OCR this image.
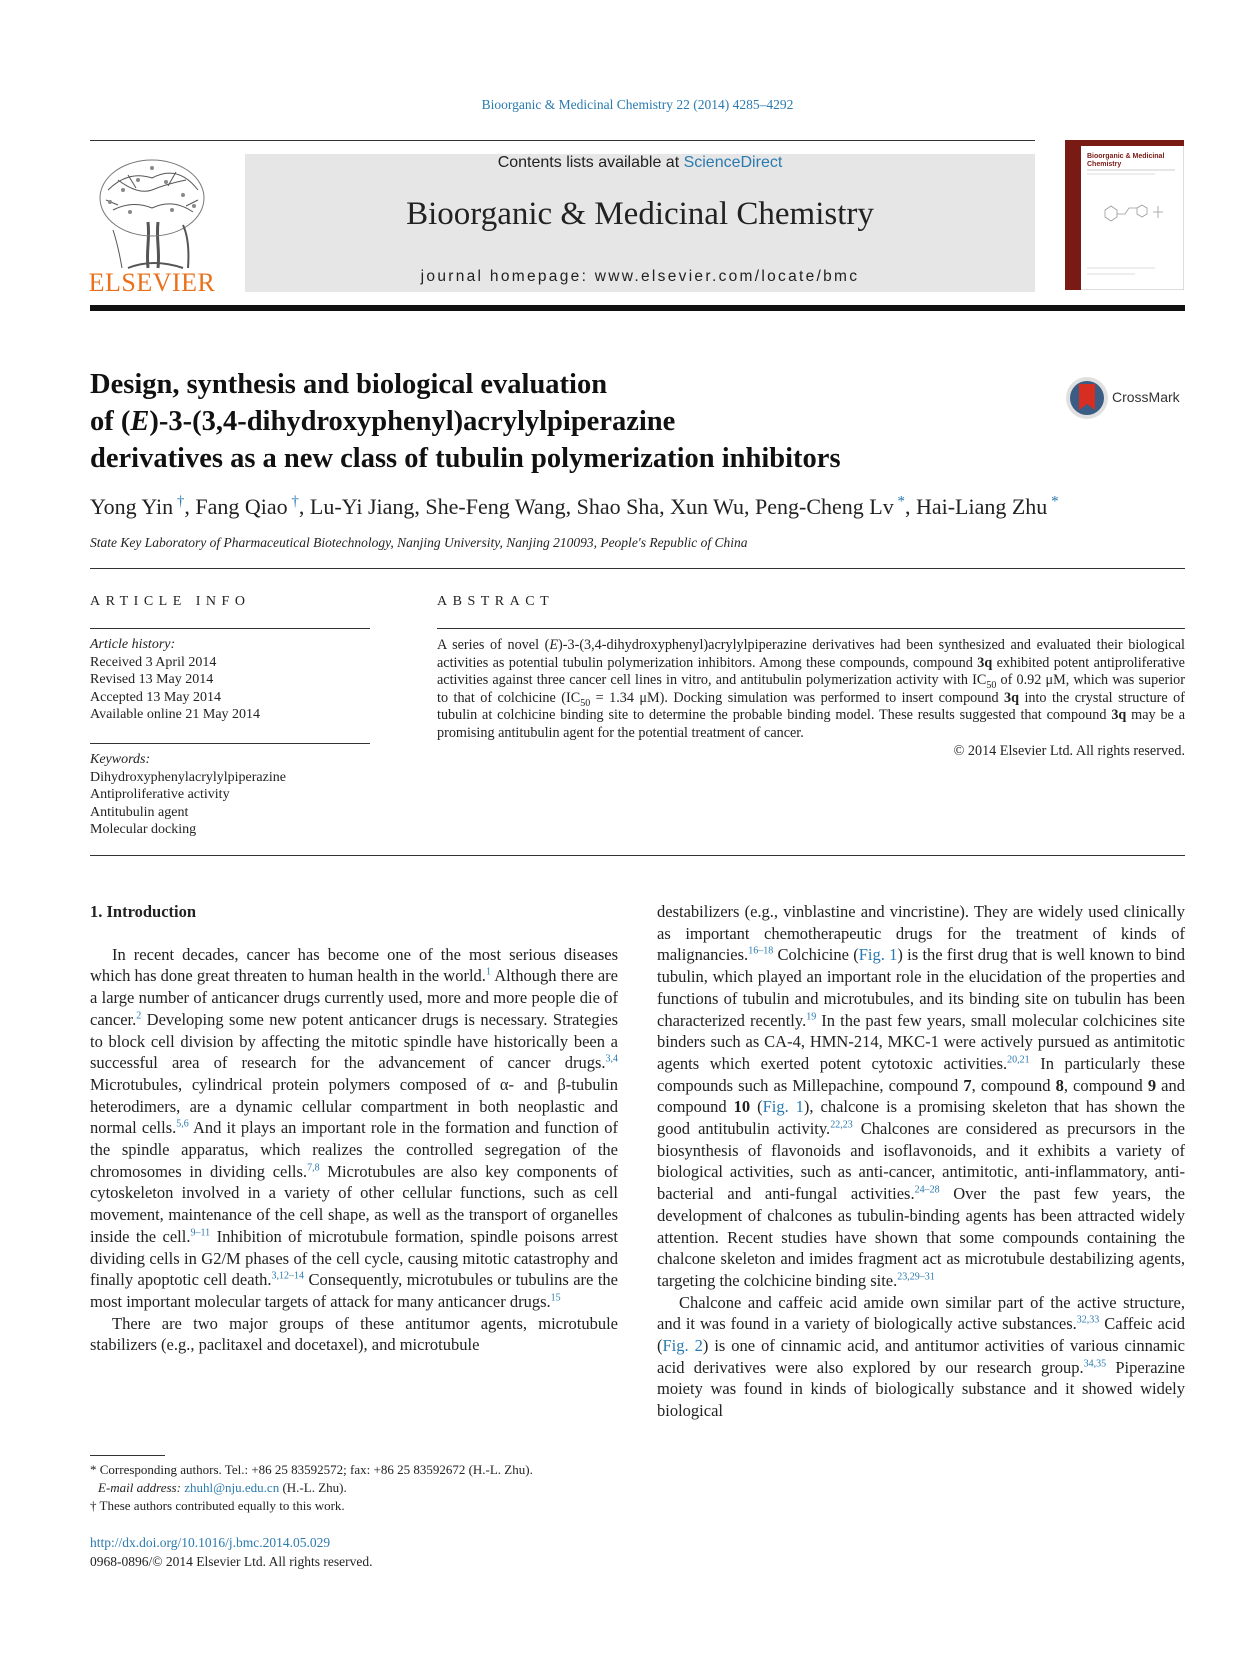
Bioorganic & Medicinal Chemistry 22 (2014) 4285–4292
ELSEVIER
Contents lists available at ScienceDirect
Bioorganic & Medicinal Chemistry
journal homepage: www.elsevier.com/locate/bmc
Bioorganic & Medicinal
Chemistry
Design, synthesis and biological evaluation
of (E)-3-(3,4-dihydroxyphenyl)acrylylpiperazine
derivatives as a new class of tubulin polymerization inhibitors
CrossMark
Yong Yin †, Fang Qiao †, Lu-Yi Jiang, She-Feng Wang, Shao Sha, Xun Wu, Peng-Cheng Lv *, Hai-Liang Zhu *
State Key Laboratory of Pharmaceutical Biotechnology, Nanjing University, Nanjing 210093, People's Republic of China
ARTICLE INFO
Article history:
Received 3 April 2014
Revised 13 May 2014
Accepted 13 May 2014
Available online 21 May 2014
Keywords:
Dihydroxyphenylacrylylpiperazine
Antiproliferative activity
Antitubulin agent
Molecular docking
ABSTRACT
A series of novel (E)-3-(3,4-dihydroxyphenyl)acrylylpiperazine derivatives had been synthesized and evaluated their biological activities as potential tubulin polymerization inhibitors. Among these compounds, compound 3q exhibited potent antiproliferative activities against three cancer cell lines in vitro, and antitubulin polymerization activity with $IC_{50}$ of 0.92 μM, which was superior to that of colchicine ($IC_{50} = 1.34$ μM). Docking simulation was performed to insert compound 3q into the crystal structure of tubulin at colchicine binding site to determine the probable binding model. These results suggested that compound 3q may be a promising antitubulin agent for the potential treatment of cancer.
© 2014 Elsevier Ltd. All rights reserved.
1. Introduction

In recent decades, cancer has become one of the most serious diseases which has done great threaten to human health in the world.$^1$ Although there are a large number of anticancer drugs currently used, more and more people die of cancer.$^2$ Developing some new potent anticancer drugs is necessary. Strategies to block cell division by affecting the mitotic spindle have historically been a successful area of research for the advancement of cancer drugs.$^{3,4}$ Microtubules, cylindrical protein polymers composed of α- and β-tubulin heterodimers, are a dynamic cellular compartment in both neoplastic and normal cells.$^{5,6}$ And it plays an important role in the formation and function of the spindle apparatus, which realizes the controlled segregation of the chromosomes in dividing cells.$^{7,8}$ Microtubules are also key components of cytoskeleton involved in a variety of other cellular functions, such as cell movement, maintenance of the cell shape, as well as the transport of organelles inside the cell.$^{9-11}$ Inhibition of microtubule formation, spindle poisons arrest dividing cells in G2/M phases of the cell cycle, causing mitotic catastrophy and finally apoptotic cell death.$^{3,12-14}$ Consequently, microtubules or tubulins are the most important molecular targets of attack for many anticancer drugs.$^{15}$

There are two major groups of these antitumor agents, microtubule stabilizers (e.g., paclitaxel and docetaxel), and microtubule

destabilizers (e.g., vinblastine and vincristine). They are widely used clinically as important chemotherapeutic drugs for the treatment of kinds of malignancies.$^{16-18}$ Colchicine (Fig. 1) is the first drug that is well known to bind tubulin, which played an important role in the elucidation of the properties and functions of tubulin and microtubules, and its binding site on tubulin has been characterized recently.$^{19}$ In the past few years, small molecular colchicines site binders such as CA-4, HMN-214, MKC-1 were actively pursued as antimitotic agents which exerted potent cytotoxic activities.$^{20,21}$ In particularly these compounds such as Millepachine, compound 7, compound 8, compound 9 and compound 10 (Fig. 1), chalcone is a promising skeleton that has shown the good antitubulin activity.$^{22,23}$ Chalcones are considered as precursors in the biosynthesis of flavonoids and isoflavonoids, and it exhibits a variety of biological activities, such as anti-cancer, antimitotic, anti-inflammatory, anti-bacterial and anti-fungal activities.$^{24-28}$ Over the past few years, the development of chalcones as tubulin-binding agents has been attracted widely attention. Recent studies have shown that some compounds containing the chalcone skeleton and imides fragment act as microtubule destabilizing agents, targeting the colchicine binding site.$^{23,29-31}$

Chalcone and caffeic acid amide own similar part of the active structure, and it was found in a variety of biologically active substances.$^{32,33}$ Caffeic acid (Fig. 2) is one of cinnamic acid, and antitumor activities of various cinnamic acid derivatives were also explored by our research group.$^{34,35}$ Piperazine moiety was found in kinds of biologically substance and it showed widely biological

* Corresponding authors. Tel.: +86 25 83592572; fax: +86 25 83592672 (H.-L. Zhu).
E-mail address: zhuhl@nju.edu.cn (H.-L. Zhu).
† These authors contributed equally to this work.
http://dx.doi.org/10.1016/j.bmc.2014.05.029
0968-0896/© 2014 Elsevier Ltd. All rights reserved.
